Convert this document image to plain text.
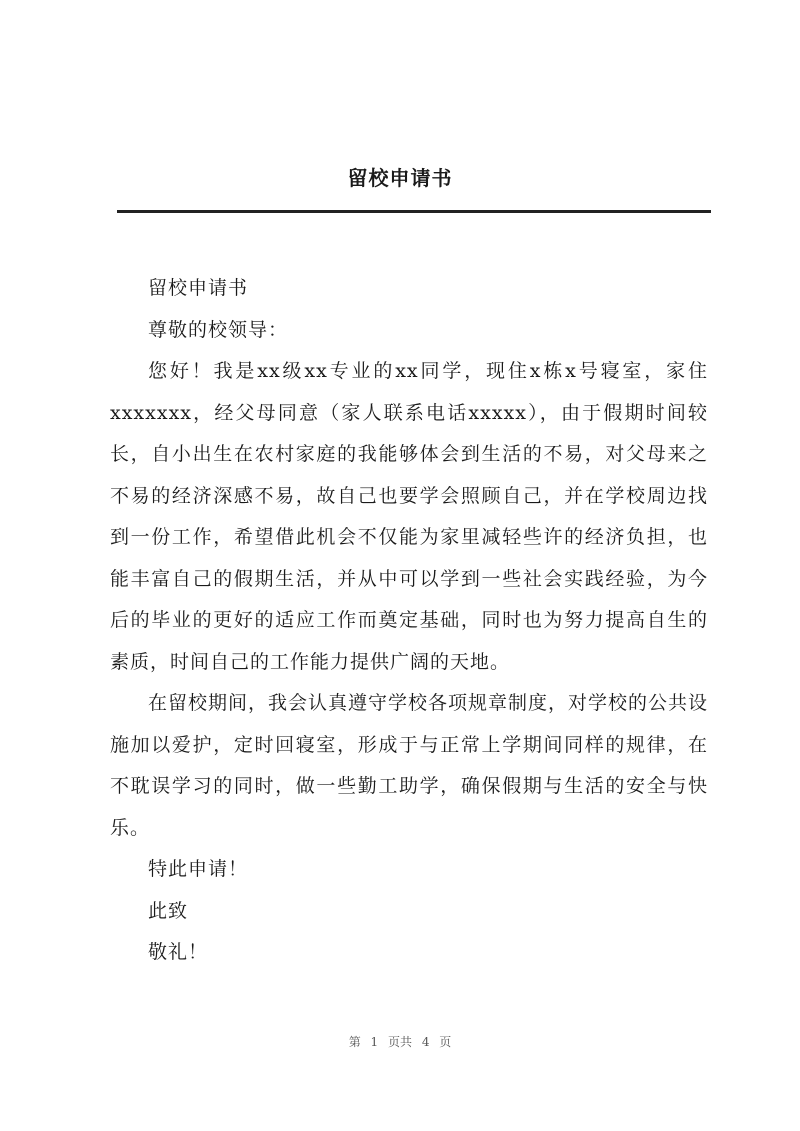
留校申请书

留校申请书

尊敬的校领导：

您好！我是xx级xx专业的xx同学，现住x栋x号寝室，家住xxxxxxx，经父母同意（家人联系电话xxxxx），由于假期时间较长，自小出生在农村家庭的我能够体会到生活的不易，对父母来之不易的经济深感不易，故自己也要学会照顾自己，并在学校周边找到一份工作，希望借此机会不仅能为家里减轻些许的经济负担，也能丰富自己的假期生活，并从中可以学到一些社会实践经验，为今后的毕业的更好的适应工作而奠定基础，同时也为努力提高自生的素质，时间自己的工作能力提供广阔的天地。

在留校期间，我会认真遵守学校各项规章制度，对学校的公共设施加以爱护，定时回寝室，形成于与正常上学期间同样的规律，在不耽误学习的同时，做一些勤工助学，确保假期与生活的安全与快乐。

特此申请！

此致

敬礼！

第 1 页共 4 页
